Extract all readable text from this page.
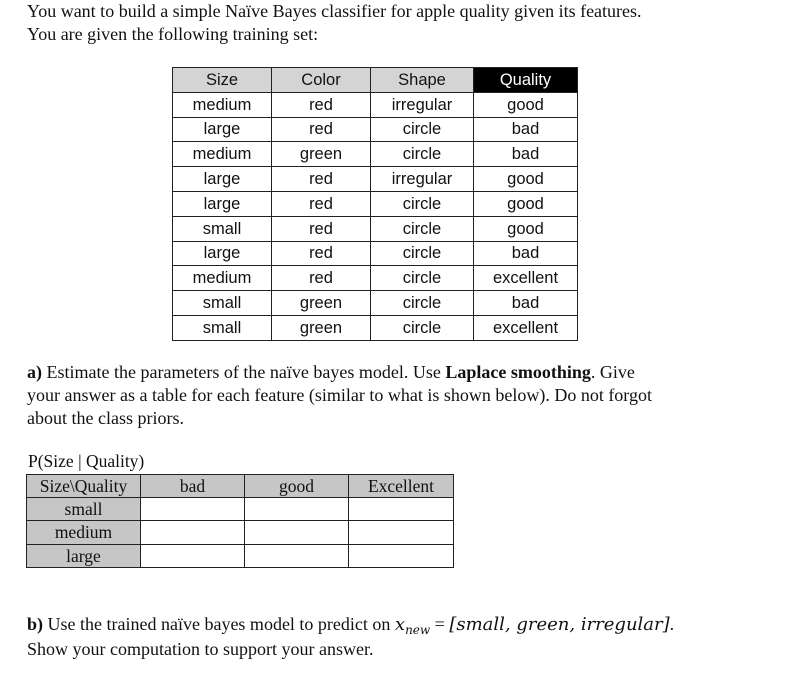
You want to build a simple Naïve Bayes classifier for apple quality given its features.
You are given the following training set:
Size	Color	Shape	Quality
medium	red	irregular	good
large	red	circle	bad
medium	green	circle	bad
large	red	irregular	good
large	red	circle	good
small	red	circle	good
large	red	circle	bad
medium	red	circle	excellent
small	green	circle	bad
small	green	circle	excellent
a) Estimate the parameters of the naïve bayes model. Use Laplace smoothing. Give
your answer as a table for each feature (similar to what is shown below). Do not forgot
about the class priors.
P(Size | Quality)
Size\Quality	bad	good	Excellent
small			
medium			
large			
b) Use the trained naïve bayes model to predict on $x_{new}$ = [small, green, irregular].
Show your computation to support your answer.
